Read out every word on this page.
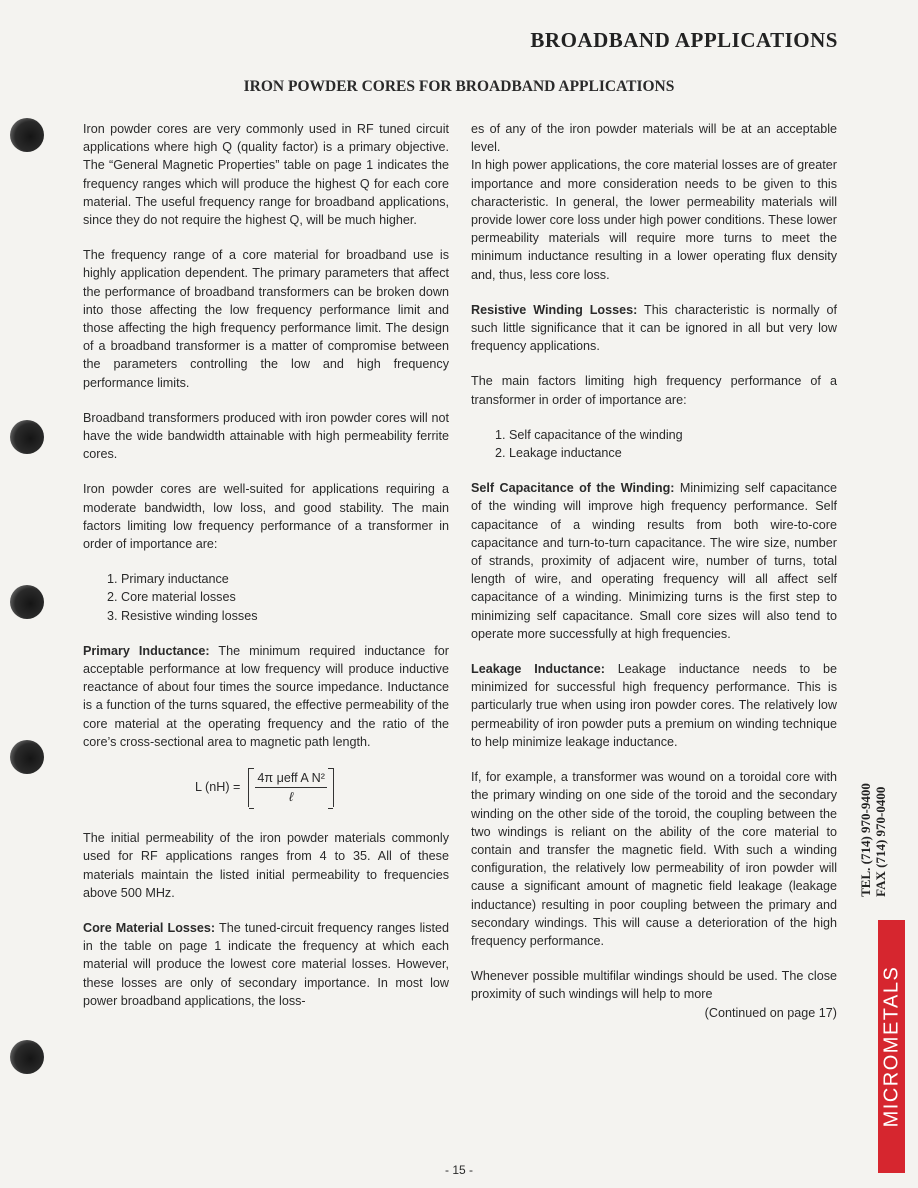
BROADBAND APPLICATIONS
IRON POWDER CORES FOR BROADBAND APPLICATIONS

Iron powder cores are very commonly used in RF tuned circuit applications where high Q (quality factor) is a primary objective. The “General Magnetic Properties” table on page 1 indicates the frequency ranges which will produce the highest Q for each core material. The useful frequency range for broadband applications, since they do not require the highest Q, will be much higher.

The frequency range of a core material for broadband use is highly application dependent. The primary parameters that affect the performance of broadband transformers can be broken down into those affecting the low frequency performance limit and those affecting the high frequency performance limit. The design of a broadband transformer is a matter of compromise between the parameters controlling the low and high frequency performance limits.

Broadband transformers produced with iron powder cores will not have the wide bandwidth attainable with high permeability ferrite cores.

Iron powder cores are well-suited for applications requiring a moderate bandwidth, low loss, and good stability. The main factors limiting low frequency performance of a transformer in order of importance are:

1. Primary inductance
2. Core material losses
3. Resistive winding losses

Primary Inductance: The minimum required inductance for acceptable performance at low frequency will produce inductive reactance of about four times the source impedance. Inductance is a function of the turns squared, the effective permeability of the core material at the operating frequency and the ratio of the core’s cross-sectional area to magnetic path length.

L $(nH) = \frac{\text{4π μeff A N²}}{\text{ℓ}}$

The initial permeability of the iron powder materials commonly used for RF applications ranges from 4 to 35. All of these materials maintain the listed initial permeability to frequencies above 500 MHz.

Core Material Losses: The tuned-circuit frequency ranges listed in the table on page 1 indicate the frequency at which each material will produce the lowest core material losses. However, these losses are only of secondary importance. In most low power broadband applications, the loss-

es of any of the iron powder materials will be at an acceptable level.

In high power applications, the core material losses are of greater importance and more consideration needs to be given to this characteristic. In general, the lower permeability materials will provide lower core loss under high power conditions. These lower permeability materials will require more turns to meet the minimum inductance resulting in a lower operating flux density and, thus, less core loss.

Resistive Winding Losses: This characteristic is normally of such little significance that it can be ignored in all but very low frequency applications.

The main factors limiting high frequency performance of a transformer in order of importance are:

1. Self capacitance of the winding
2. Leakage inductance

Self Capacitance of the Winding: Minimizing self capacitance of the winding will improve high frequency performance. Self capacitance of a winding results from both wire-to-core capacitance and turn-to-turn capacitance. The wire size, number of strands, proximity of adjacent wire, number of turns, total length of wire, and operating frequency will all affect self capacitance of a winding. Minimizing turns is the first step to minimizing self capacitance. Small core sizes will also tend to operate more successfully at high frequencies.

Leakage Inductance: Leakage inductance needs to be minimized for successful high frequency performance. This is particularly true when using iron powder cores. The relatively low permeability of iron powder puts a premium on winding technique to help minimize leakage inductance.

If, for example, a transformer was wound on a toroidal core with the primary winding on one side of the toroid and the secondary winding on the other side of the toroid, the coupling between the two windings is reliant on the ability of the core material to contain and transfer the magnetic field. With such a winding configuration, the relatively low permeability of iron powder will cause a significant amount of magnetic field leakage (leakage inductance) resulting in poor coupling between the primary and secondary windings. This will cause a deterioration of the high frequency performance.

Whenever possible multifilar windings should be used. The close proximity of such windings will help to more

(Continued on page 17)
TEL. (714) 970-9400 FAX (714) 970-0400
MICROMETALS
- 15 -
